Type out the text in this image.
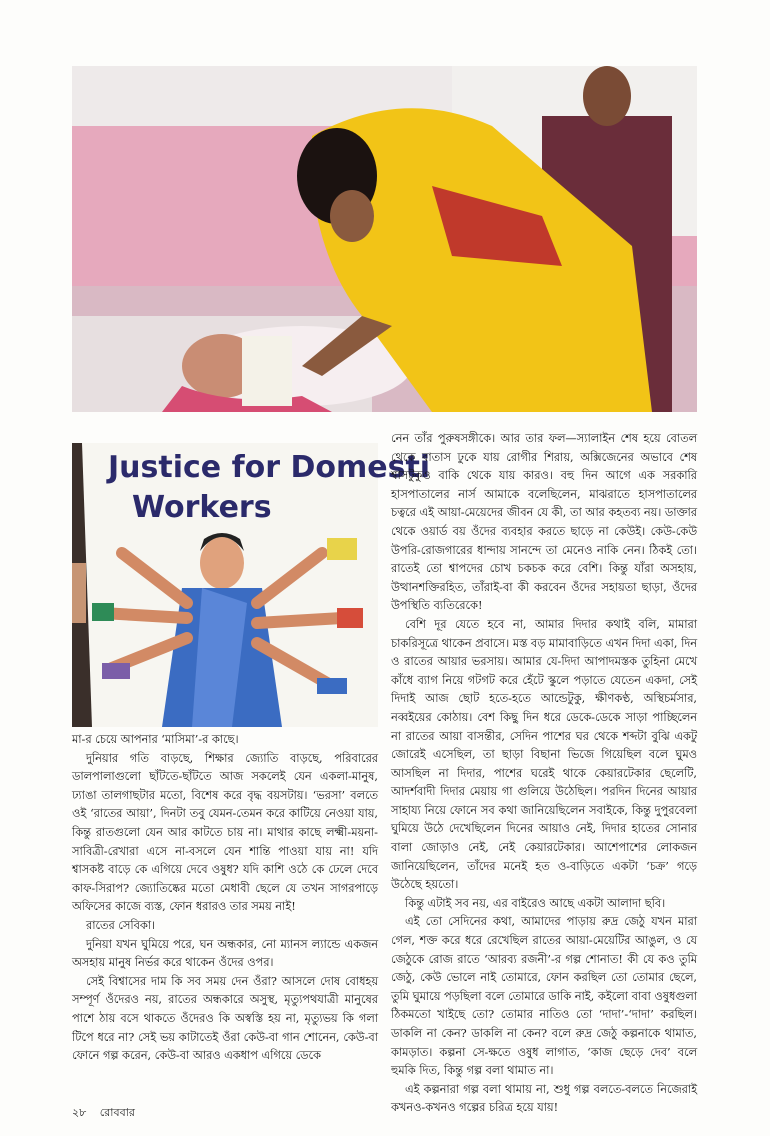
Justice for Domesti
Workers

মা-র চেয়ে আপনার ‘মাসিমা’-র কাছে।

দুনিয়ার গতি বাড়ছে, শিক্ষার জ্যোতি বাড়ছে, পরিবারের ডালপালাগুলো ছাঁটতে-ছাঁটতে আজ সকলেই যেন একলা-মানুষ, ঢ্যাঙা তালগাছটার মতো, বিশেষ করে বৃদ্ধ বয়সটায়। ‘ভরসা’ বলতে ওই ‘রাতের আয়া’, দিনটা তবু যেমন-তেমন করে কাটিয়ে নেওয়া যায়, কিন্তু রাতগুলো যেন আর কাটতে চায় না। মাথার কাছে লক্ষ্মী-ময়না-সাবিত্রী-রেখারা এসে না-বসলে যেন শান্তি পাওয়া যায় না! যদি শ্বাসকষ্ট বাড়ে কে এগিয়ে দেবে ওষুধ? যদি কাশি ওঠে কে ঢেলে দেবে কাফ-সিরাপ? জ্যোতিষ্কের মতো মেধাবী ছেলে যে তখন সাগরপাড়ে অফিসের কাজে ব্যস্ত, ফোন ধরারও তার সময় নাই!

রাতের সেবিকা।

দুনিয়া যখন ঘুমিয়ে পরে, ঘন অন্ধকার, নো ম্যানস ল্যান্ডে একজন অসহায় মানুষ নির্ভর করে থাকেন ওঁদের ওপর।

সেই বিশ্বাসের দাম কি সব সময় দেন ওঁরা? আসলে দোষ বোধহয় সম্পূর্ণ ওঁদেরও নয়, রাতের অন্ধকারে অসুস্থ, মৃত্যুপথযাত্রী মানুষের পাশে ঠায় বসে থাকতে ওঁদেরও কি অস্বস্তি হয় না, মৃত্যুভয় কি গলা টিপে ধরে না? সেই ভয় কাটাতেই ওঁরা কেউ-বা গান শোনেন, কেউ-বা ফোনে গল্প করেন, কেউ-বা আরও একধাপ এগিয়ে ডেকে

নেন তাঁর পুরুষসঙ্গীকে। আর তার ফল—স্যালাইন শেষ হয়ে বোতল থেকে বাতাস ঢুকে যায় রোগীর শিরায়, অক্সিজেনের অভাবে শেষ শ্বাসটুকুও বাকি থেকে যায় কারও। বহু দিন আগে এক সরকারি হাসপাতালের নার্স আমাকে বলেছিলেন, মাঝরাতে হাসপাতালের চত্বরে এই আয়া-মেয়েদের জীবন যে কী, তা আর কহতব্য নয়। ডাক্তার থেকে ওয়ার্ড বয় ওঁদের ব্যবহার করতে ছাড়ে না কেউই। কেউ-কেউ উপরি-রোজগারের ধান্দায় সানন্দে তা মেনেও নাকি নেন। ঠিকই তো। রাতেই তো শ্বাপদের চোখ চকচক করে বেশি। কিন্তু যাঁরা অসহায়, উত্থানশক্তিরহিত, তাঁরাই-বা কী করবেন ওঁদের সহায়তা ছাড়া, ওঁদের উপস্থিতি ব্যতিরেকে!

বেশি দূর যেতে হবে না, আমার দিদার কথাই বলি, মামারা চাকরিসূত্রে থাকেন প্রবাসে। মস্ত বড় মামাবাড়িতে এখন দিদা একা, দিন ও রাতের আয়ার ভরসায়। আমার যে-দিদা আপাদমস্তক তুহিনা মেখে কাঁধে ব্যাগ নিয়ে গটগট করে হেঁটে স্কুলে পড়াতে যেতেন একদা, সেই দিদাই আজ ছোট হতে-হতে আন্ডেটুকু, ক্ষীণকণ্ঠ, অস্থিচর্মসার, নব্বইয়ের কোঠায়। বেশ কিছু দিন ধরে ডেকে-ডেকে সাড়া পাচ্ছিলেন না রাতের আয়া বাসন্তীর, সেদিন পাশের ঘর থেকে শব্দটা বুঝি একটু জোরেই এসেছিল, তা ছাড়া বিছানা ভিজে গিয়েছিল বলে ঘুমও আসছিল না দিদার, পাশের ঘরেই থাকে কেয়ারটেকার ছেলেটি, আদর্শবাদী দিদার মেয়ায় গা গুলিয়ে উঠেছিল। পরদিন দিনের আয়ার সাহায্য নিয়ে ফোনে সব কথা জানিয়েছিলেন সবাইকে, কিন্তু দুপুরবেলা ঘুমিয়ে উঠে দেখেছিলেন দিনের আয়াও নেই, দিদার হাতের সোনার বালা জোড়াও নেই, নেই কেয়ারটেকার। আশেপাশের লোকজন জানিয়েছিলেন, তাঁদের মনেই হত ও-বাড়িতে একটা ‘চক্র’ গড়ে উঠেছে হয়তো।

কিন্তু এটাই সব নয়, এর বাইরেও আছে একটা আলাদা ছবি।

এই তো সেদিনের কথা, আমাদের পাড়ায় রুদ্র জেঠু যখন মারা গেল, শক্ত করে ধরে রেখেছিল রাতের আয়া-মেয়েটির আঙুল, ও যে জেঠুকে রোজ রাতে ‘আরব্য রজনী’-র গল্প শোনাত! কী যে কও তুমি জেঠু, কেউ ভোলে নাই তোমারে, ফোন করছিল তো তোমার ছেলে, তুমি ঘুমায়ে পড়ছিলা বলে তোমারে ডাকি নাই, কইলো বাবা ওষুধগুলা ঠিকমতো খাইছে তো? তোমার নাতিও তো ‘দাদা’-‘দাদা’ করছিল। ডাকলি না কেন? ডাকলি না কেন? বলে রুদ্র জেঠু কল্পনাকে থামাত, কামড়াত। কল্পনা সে-ক্ষতে ওষুধ লাগাত, ‘কাজ ছেড়ে দেব’ বলে হুমকি দিত, কিন্তু গল্প বলা থামাত না।

এই কল্পনারা গল্প বলা থামায় না, শুধু গল্প বলতে-বলতে নিজেরাই কখনও-কখনও গল্পের চরিত্র হয়ে যায়!

২৮ রোববার
